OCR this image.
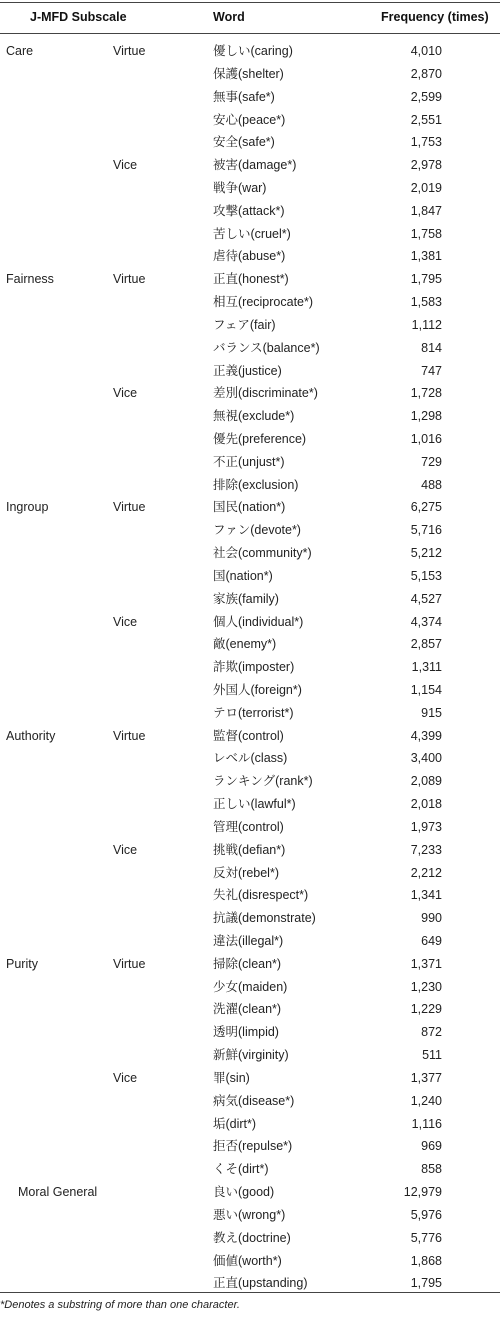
J-MFD Subscale	Word	Frequency (times)
Care	Virtue	優しい(caring)	4,010
保護(shelter)	2,870
無事(safe*)	2,599
安心(peace*)	2,551
安全(safe*)	1,753
Vice	被害(damage*)	2,978
戦争(war)	2,019
攻撃(attack*)	1,847
苦しい(cruel*)	1,758
虐待(abuse*)	1,381
Fairness	Virtue	正直(honest*)	1,795
相互(reciprocate*)	1,583
フェア(fair)	1,112
バランス(balance*)	814
正義(justice)	747
Vice	差別(discriminate*)	1,728
無視(exclude*)	1,298
優先(preference)	1,016
不正(unjust*)	729
排除(exclusion)	488
Ingroup	Virtue	国民(nation*)	6,275
ファン(devote*)	5,716
社会(community*)	5,212
国(nation*)	5,153
家族(family)	4,527
Vice	個人(individual*)	4,374
敵(enemy*)	2,857
詐欺(imposter)	1,311
外国人(foreign*)	1,154
テロ(terrorist*)	915
Authority	Virtue	監督(control)	4,399
レベル(class)	3,400
ランキング(rank*)	2,089
正しい(lawful*)	2,018
管理(control)	1,973
Vice	挑戦(defian*)	7,233
反対(rebel*)	2,212
失礼(disrespect*)	1,341
抗議(demonstrate)	990
違法(illegal*)	649
Purity	Virtue	掃除(clean*)	1,371
少女(maiden)	1,230
洗濯(clean*)	1,229
透明(limpid)	872
新鮮(virginity)	511
Vice	罪(sin)	1,377
病気(disease*)	1,240
垢(dirt*)	1,116
拒否(repulse*)	969
くそ(dirt*)	858
Moral General	良い(good)	12,979
悪い(wrong*)	5,976
教え(doctrine)	5,776
価値(worth*)	1,868
正直(upstanding)	1,795
*Denotes a substring of more than one character.
